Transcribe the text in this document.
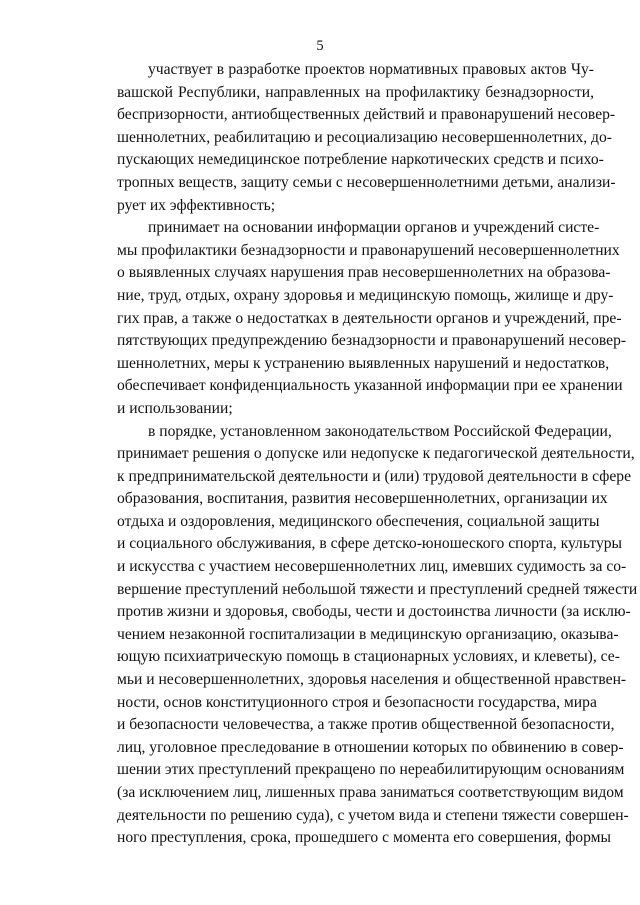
5
участвует в разработке проектов нормативных правовых актов Чу-
вашской Республики, направленных на профилактику безнадзорности,
беспризорности, антиобщественных действий и правонарушений несовер-
шеннолетних, реабилитацию и ресоциализацию несовершеннолетних, до-
пускающих немедицинское потребление наркотических средств и психо-
тропных веществ, защиту семьи с несовершеннолетними детьми, анализи-
рует их эффективность;
принимает на основании информации органов и учреждений систе-
мы профилактики безнадзорности и правонарушений несовершеннолетних
о выявленных случаях нарушения прав несовершеннолетних на образова-
ние, труд, отдых, охрану здоровья и медицинскую помощь, жилище и дру-
гих прав, а также о недостатках в деятельности органов и учреждений, пре-
пятствующих предупреждению безнадзорности и правонарушений несовер-
шеннолетних, меры к устранению выявленных нарушений и недостатков,
обеспечивает конфиденциальность указанной информации при ее хранении
и использовании;
в порядке, установленном законодательством Российской Федерации,
принимает решения о допуске или недопуске к педагогической деятельности,
к предпринимательской деятельности и (или) трудовой деятельности в сфере
образования, воспитания, развития несовершеннолетних, организации их
отдыха и оздоровления, медицинского обеспечения, социальной защиты
и социального обслуживания, в сфере детско-юношеского спорта, культуры
и искусства с участием несовершеннолетних лиц, имевших судимость за со-
вершение преступлений небольшой тяжести и преступлений средней тяжести
против жизни и здоровья, свободы, чести и достоинства личности (за исклю-
чением незаконной госпитализации в медицинскую организацию, оказыва-
ющую психиатрическую помощь в стационарных условиях, и клеветы), се-
мьи и несовершеннолетних, здоровья населения и общественной нравствен-
ности, основ конституционного строя и безопасности государства, мира
и безопасности человечества, а также против общественной безопасности,
лиц, уголовное преследование в отношении которых по обвинению в совер-
шении этих преступлений прекращено по нереабилитирующим основаниям
(за исключением лиц, лишенных права заниматься соответствующим видом
деятельности по решению суда), с учетом вида и степени тяжести совершен-
ного преступления, срока, прошедшего с момента его совершения, формы
